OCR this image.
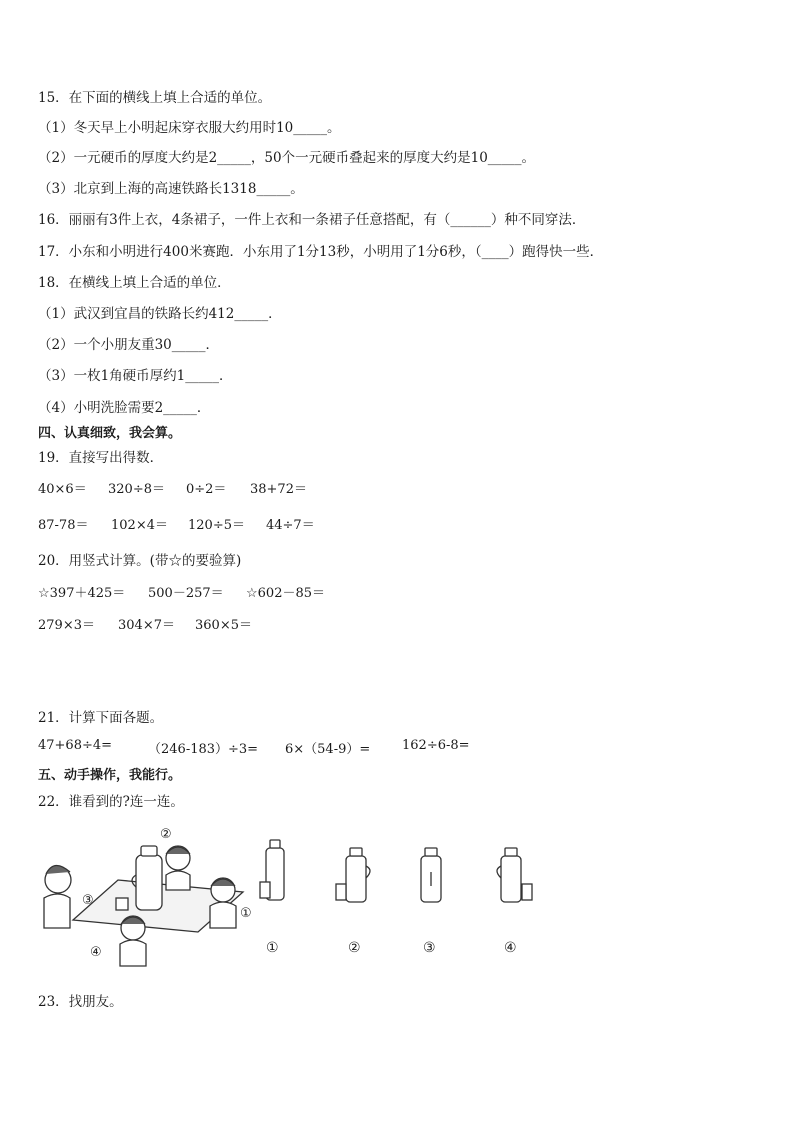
15．在下面的横线上填上合适的单位。
（1）冬天早上小明起床穿衣服大约用时10_____。
（2）一元硬币的厚度大约是2_____，50个一元硬币叠起来的厚度大约是10_____。
（3）北京到上海的高速铁路长1318_____。
16．丽丽有3件上衣，4条裙子，一件上衣和一条裙子任意搭配，有（______）种不同穿法．
17．小东和小明进行400米赛跑．小东用了1分13秒，小明用了1分6秒，（____）跑得快一些．
18．在横线上填上合适的单位．
（1）武汉到宜昌的铁路长约412_____．
（2）一个小朋友重30_____．
（3）一枚1角硬币厚约1_____．
（4）小明洗脸需要2_____．
四、认真细致，我会算。
19．直接写出得数．
40×6＝ 320÷8＝ 0÷2＝ 38+72＝
87-78＝ 102×4＝ 120÷5＝ 44÷7＝
20．用竖式计算。(带☆的要验算)
☆397＋425＝ 500－257＝ ☆602－85＝
279×3＝ 304×7＝ 360×5＝
21．计算下面各题。
47+68÷4=	（246-183）÷3= 6×（54-9）= 162÷6-8=
五、动手操作，我能行。
22．谁看到的?连一连。
②
③
①
④	①	②	③	④
23．找朋友。
